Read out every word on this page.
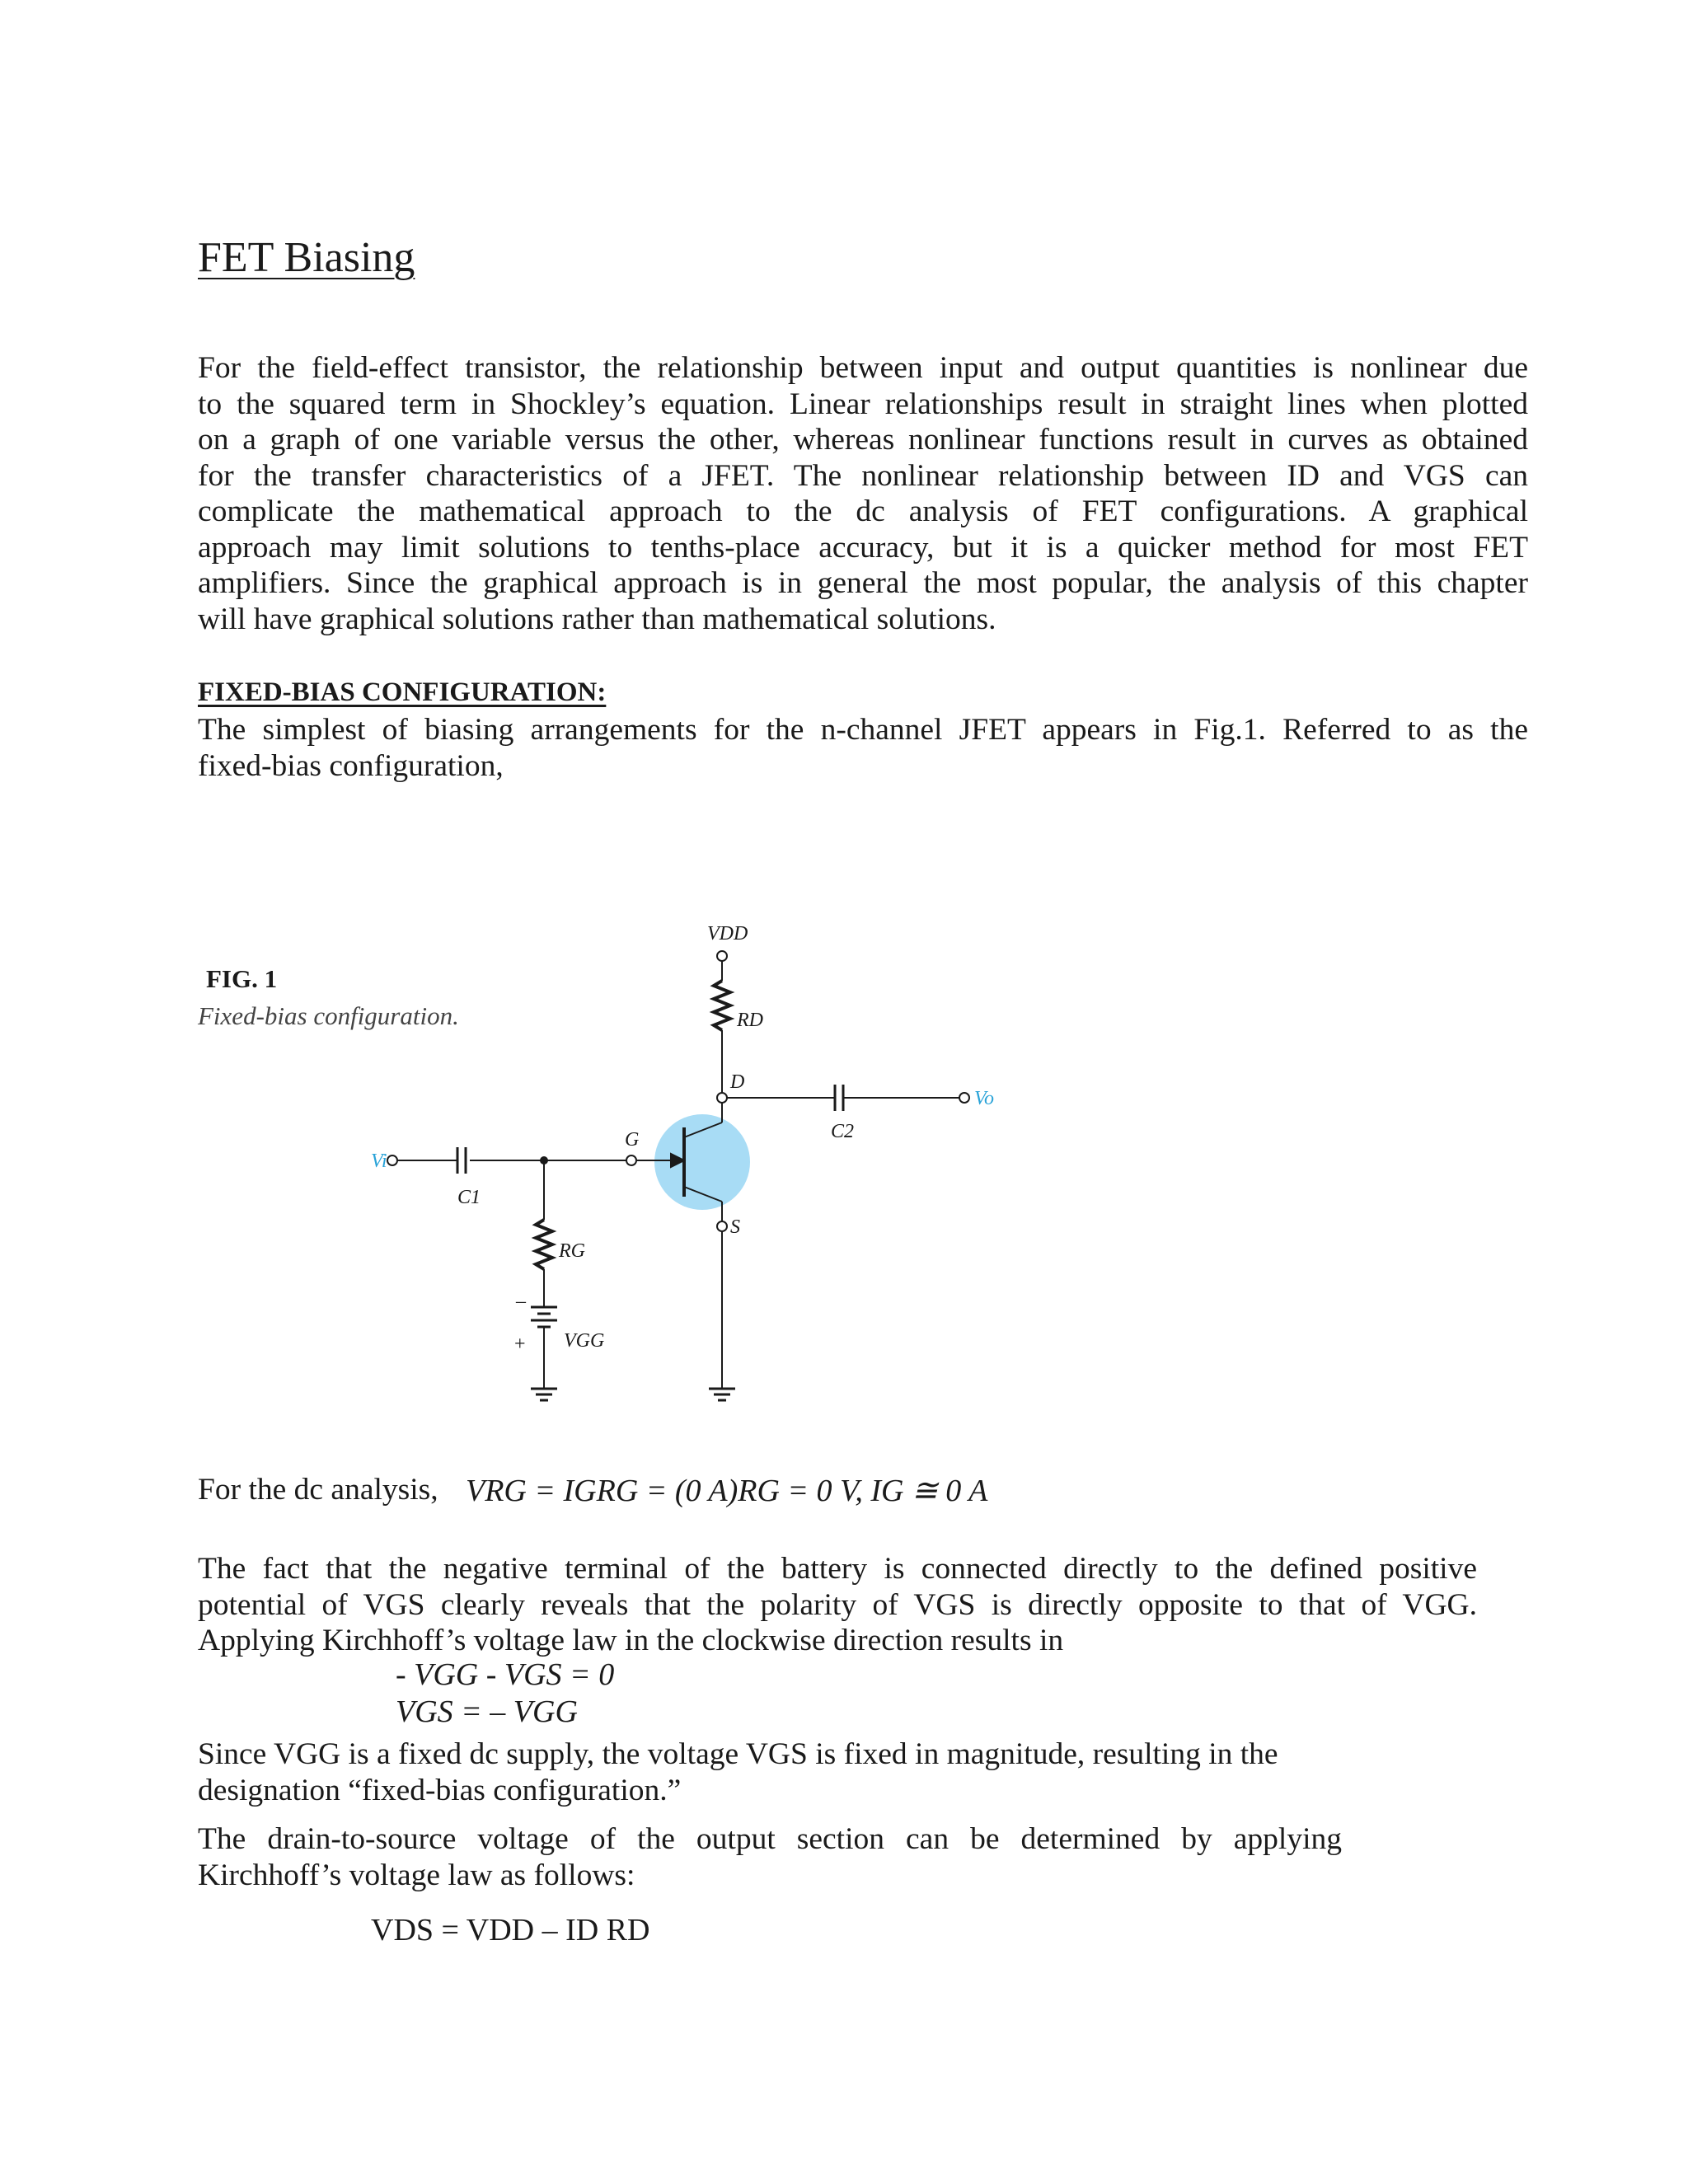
FET Biasing

For the field-effect transistor, the relationship between input and output quantities is nonlinear due
to the squared term in Shockley’s equation. Linear relationships result in straight lines when plotted
on a graph of one variable versus the other, whereas nonlinear functions result in curves as obtained
for the transfer characteristics of a JFET. The nonlinear relationship between ID and VGS can
complicate the mathematical approach to the dc analysis of FET configurations. A graphical
approach may limit solutions to tenths-place accuracy, but it is a quicker method for most FET
amplifiers. Since the graphical approach is in general the most popular, the analysis of this chapter
will have graphical solutions rather than mathematical solutions.

FIXED-BIAS CONFIGURATION:

The simplest of biasing arrangements for the n-channel JFET appears in Fig.1. Referred to as the
fixed-bias configuration,

FIG. 1
Fixed-bias configuration.
VDD
RD
D
C2
Vo
G
Vi
C1
S
RG
VGG
–
+
For the dc analysis, VRG = IGRG = (0 A)RG = 0 V, IG ≅ 0 A

The fact that the negative terminal of the battery is connected directly to the defined positive
potential of VGS clearly reveals that the polarity of VGS is directly opposite to that of VGG.
Applying Kirchhoff’s voltage law in the clockwise direction results in

- VGG - VGS = 0
VGS = – VGG

Since VGG is a fixed dc supply, the voltage VGS is fixed in magnitude, resulting in the
designation “fixed-bias configuration.”

The drain-to-source voltage of the output section can be determined by applying
Kirchhoff’s voltage law as follows:

VDS = VDD – ID RD
